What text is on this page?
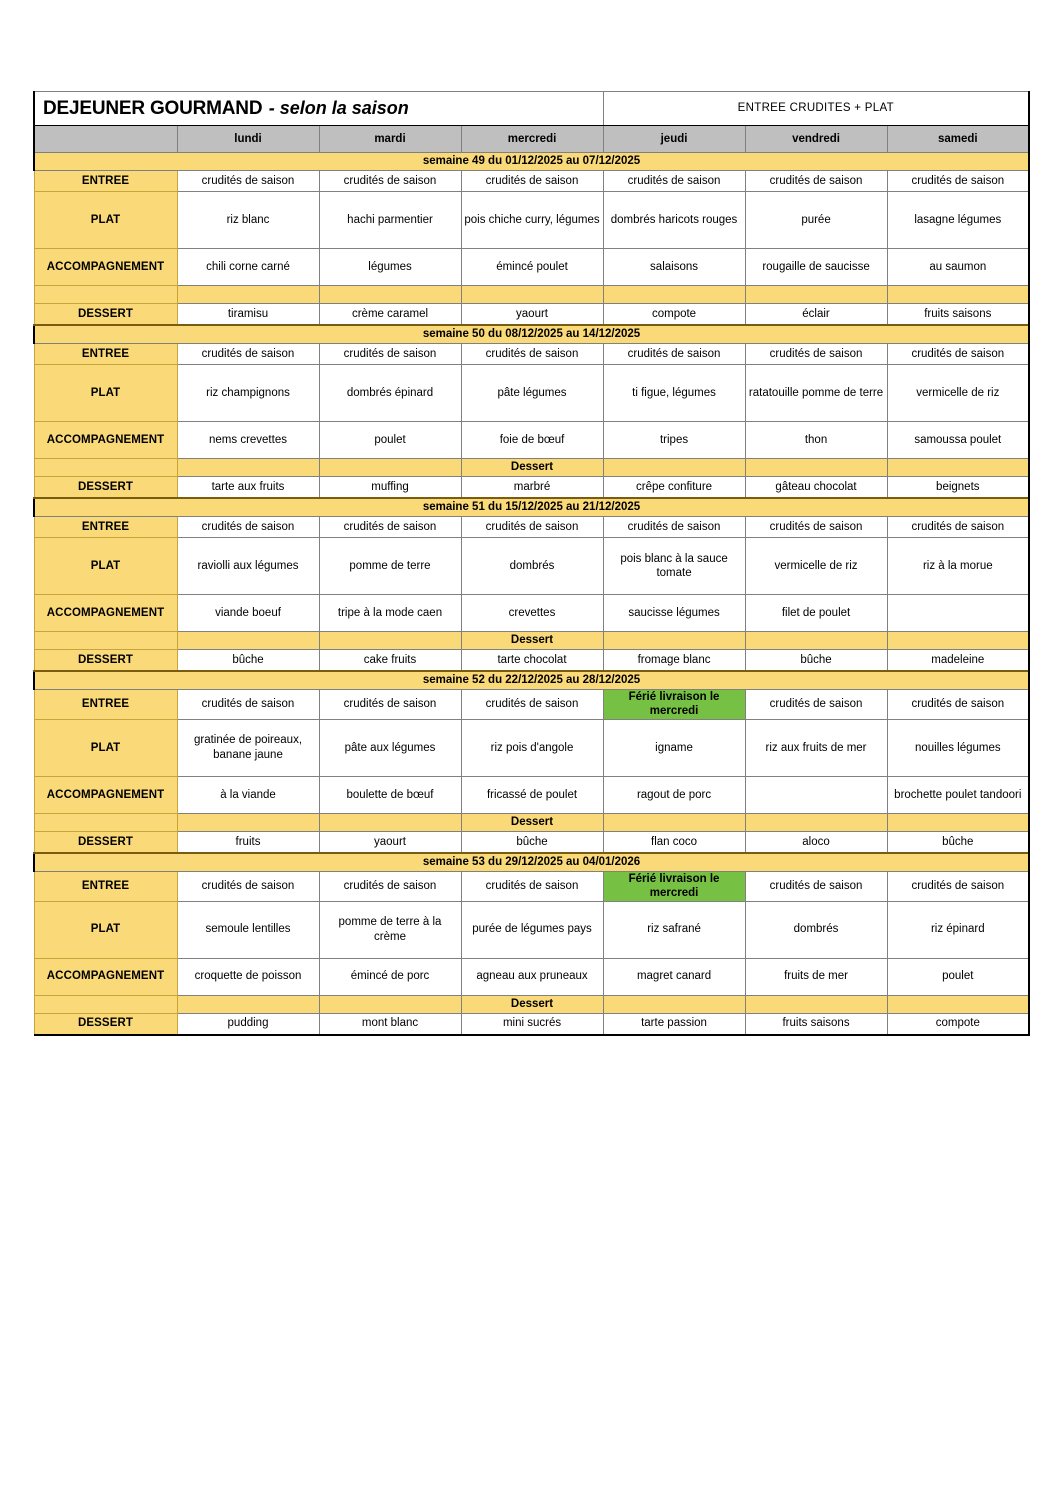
DEJEUNER GOURMAND - selon la saison				ENTREE CRUDITES + PLAT		
	lundi	mardi	mercredi	jeudi	vendredi	samedi
semaine 49 du 01/12/2025 au 07/12/2025						
ENTREE	crudités de saison	crudités de saison	crudités de saison	crudités de saison	crudités de saison	crudités de saison
PLAT	riz blanc	hachi parmentier	pois chiche curry, légumes	dombrés haricots rouges	purée	lasagne légumes
ACCOMPAGNEMENT	chili corne carné	légumes	émincé poulet	salaisons	rougaille de saucisse	au saumon

DESSERT	tiramisu	crème caramel	yaourt	compote	éclair	fruits saisons
semaine 50 du 08/12/2025 au 14/12/2025						
ENTREE	crudités de saison	crudités de saison	crudités de saison	crudités de saison	crudités de saison	crudités de saison
PLAT	riz champignons	dombrés épinard	pâte légumes	ti figue, légumes	ratatouille pomme de terre	vermicelle de riz
ACCOMPAGNEMENT	nems crevettes	poulet	foie de bœuf	tripes	thon	samoussa poulet
			Dessert			
DESSERT	tarte aux fruits	muffing	marbré	crêpe confiture	gâteau chocolat	beignets
semaine 51 du 15/12/2025 au 21/12/2025						
ENTREE	crudités de saison	crudités de saison	crudités de saison	crudités de saison	crudités de saison	crudités de saison
PLAT	raviolli aux légumes	pomme de terre	dombrés	pois blanc à la sauce tomate	vermicelle de riz	riz à la morue
ACCOMPAGNEMENT	viande boeuf	tripe à la mode caen	crevettes	saucisse légumes	filet de poulet	
			Dessert			
DESSERT	bûche	cake fruits	tarte chocolat	fromage blanc	bûche	madeleine
semaine 52 du 22/12/2025 au 28/12/2025						
ENTREE	crudités de saison	crudités de saison	crudités de saison	Férié livraison le mercredi	crudités de saison	crudités de saison
PLAT	gratinée de poireaux, banane jaune	pâte aux légumes	riz pois d'angole	igname	riz aux fruits de mer	nouilles légumes
ACCOMPAGNEMENT	à la viande	boulette de bœuf	fricassé de poulet	ragout de porc		brochette poulet tandoori
			Dessert			
DESSERT	fruits	yaourt	bûche	flan coco	aloco	bûche
semaine 53 du 29/12/2025 au 04/01/2026						
ENTREE	crudités de saison	crudités de saison	crudités de saison	Férié livraison le mercredi	crudités de saison	crudités de saison
PLAT	semoule lentilles	pomme de terre à la crème	purée de légumes pays	riz safrané	dombrés	riz épinard
ACCOMPAGNEMENT	croquette de poisson	émincé de porc	agneau aux pruneaux	magret canard	fruits de mer	poulet
			Dessert			
DESSERT	pudding	mont blanc	mini sucrés	tarte passion	fruits saisons	compote
